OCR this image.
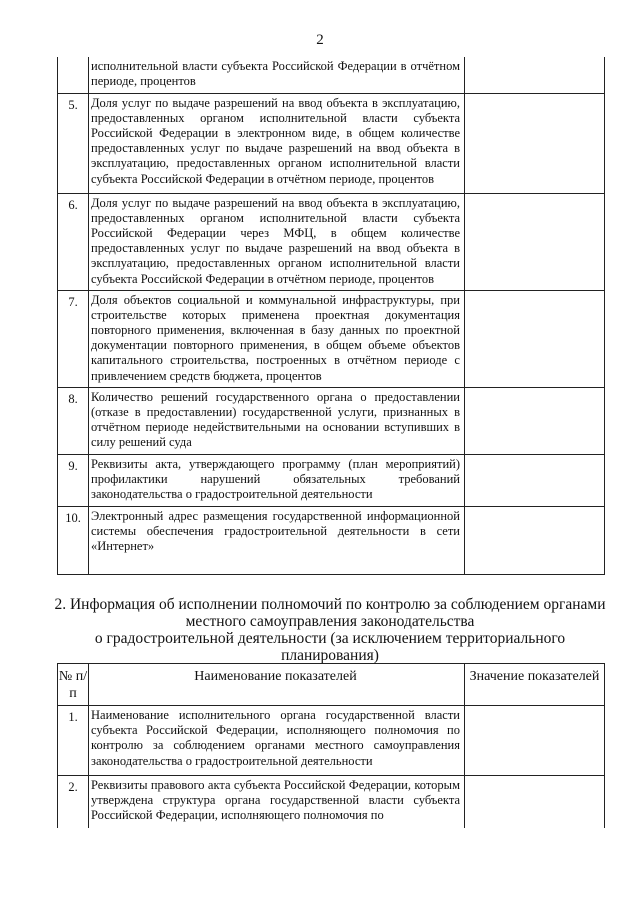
2
	исполнительной власти субъекта Российской Федерации в отчётном периоде, процентов	
5.	Доля услуг по выдаче разрешений на ввод объекта в эксплуатацию, предоставленных органом исполнительной власти субъекта Российской Федерации в электронном виде, в общем количестве предоставленных услуг по выдаче разрешений на ввод объекта в эксплуатацию, предоставленных органом исполнительной власти субъекта Российской Федерации в отчётном периоде, процентов	
6.	Доля услуг по выдаче разрешений на ввод объекта в эксплуатацию, предоставленных органом исполнительной власти субъекта Российской Федерации через МФЦ, в общем количестве предоставленных услуг по выдаче разрешений на ввод объекта в эксплуатацию, предоставленных органом исполнительной власти субъекта Российской Федерации в отчётном периоде, процентов	
7.	Доля объектов социальной и коммунальной инфраструктуры, при строительстве которых применена проектная документация повторного применения, включенная в базу данных по проектной документации повторного применения, в общем объеме объектов капитального строительства, построенных в отчётном периоде с привлечением средств бюджета, процентов	
8.	Количество решений государственного органа о предоставлении (отказе в предоставлении) государственной услуги, признанных в отчётном периоде недействительными на основании вступивших в силу решений суда	
9.	Реквизиты акта, утверждающего программу (план мероприятий) профилактики нарушений обязательных требований законодательства о градостроительной деятельности	
10.	Электронный адрес размещения государственной информационной системы обеспечения градостроительной деятельности в сети «Интернет»	
2. Информация об исполнении полномочий по контролю за соблюдением органами
местного самоуправления законодательства
о градостроительной деятельности (за исключением территориального
планирования)
№ п/п	Наименование показателей	Значение показателей
1.	Наименование исполнительного органа государственной власти субъекта Российской Федерации, исполняющего полномочия по контролю за соблюдением органами местного самоуправления законодательства о градостроительной деятельности	
2.	Реквизиты правового акта субъекта Российской Федерации, которым утверждена структура органа государственной власти субъекта Российской Федерации, исполняющего полномочия по	
